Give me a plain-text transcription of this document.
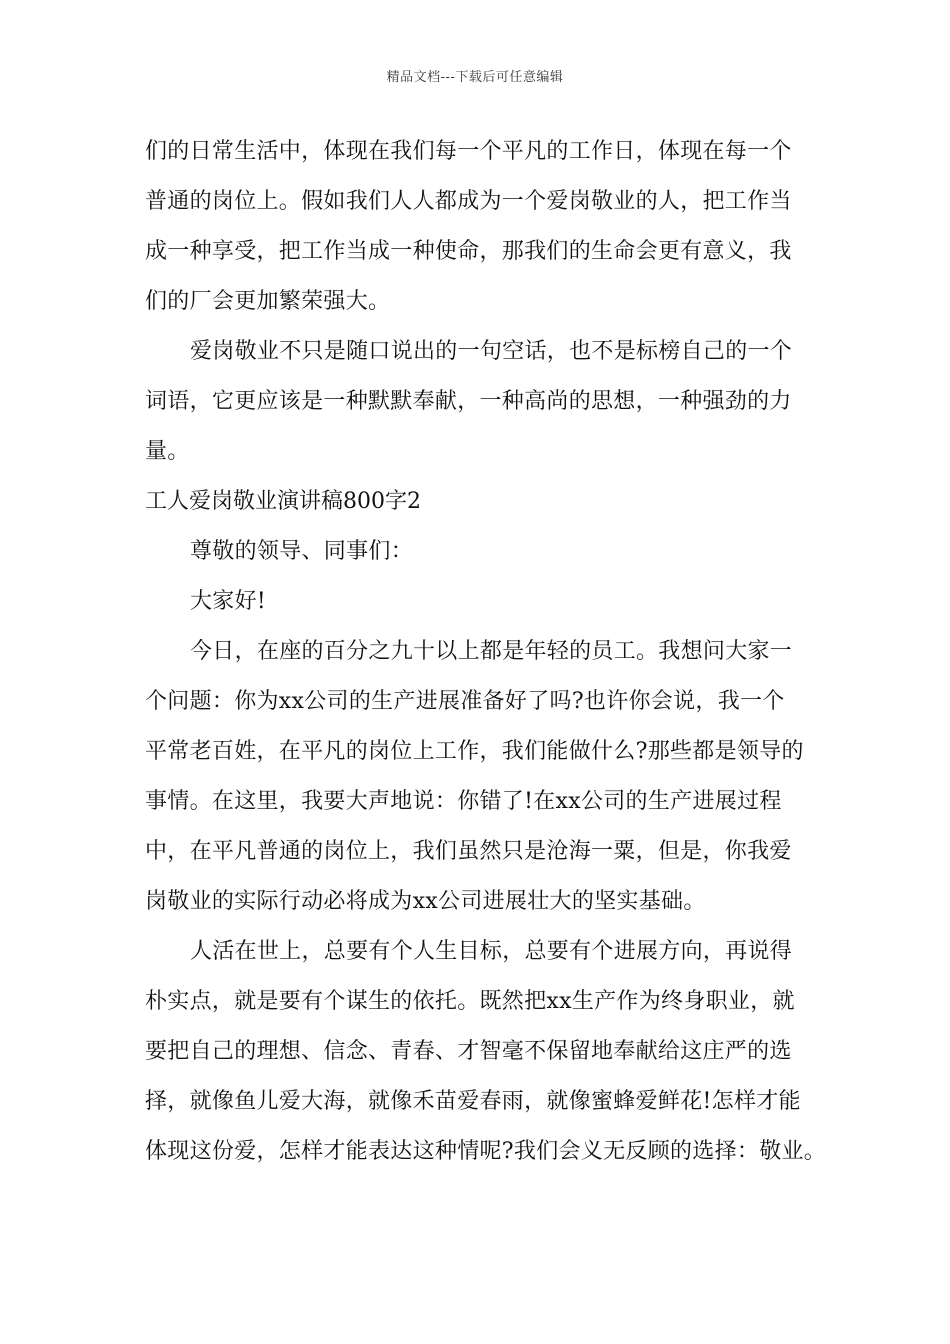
精品文档---下载后可任意编辑
们的日常生活中，体现在我们每一个平凡的工作日，体现在每一个
普通的岗位上。假如我们人人都成为一个爱岗敬业的人，把工作当
成一种享受，把工作当成一种使命，那我们的生命会更有意义，我
们的厂会更加繁荣强大。
爱岗敬业不只是随口说出的一句空话，也不是标榜自己的一个
词语，它更应该是一种默默奉献，一种高尚的思想，一种强劲的力
量。
工人爱岗敬业演讲稿800字2
尊敬的领导、同事们：
大家好!
今日，在座的百分之九十以上都是年轻的员工。我想问大家一
个问题：你为xx公司的生产进展准备好了吗?也许你会说，我一个
平常老百姓，在平凡的岗位上工作，我们能做什么?那些都是领导的
事情。在这里，我要大声地说：你错了!在xx公司的生产进展过程
中，在平凡普通的岗位上，我们虽然只是沧海一粟，但是，你我爱
岗敬业的实际行动必将成为xx公司进展壮大的坚实基础。
人活在世上，总要有个人生目标，总要有个进展方向，再说得
朴实点，就是要有个谋生的依托。既然把xx生产作为终身职业，就
要把自己的理想、信念、青春、才智毫不保留地奉献给这庄严的选
择，就像鱼儿爱大海，就像禾苗爱春雨，就像蜜蜂爱鲜花!怎样才能
体现这份爱，怎样才能表达这种情呢?我们会义无反顾的选择：敬业。
